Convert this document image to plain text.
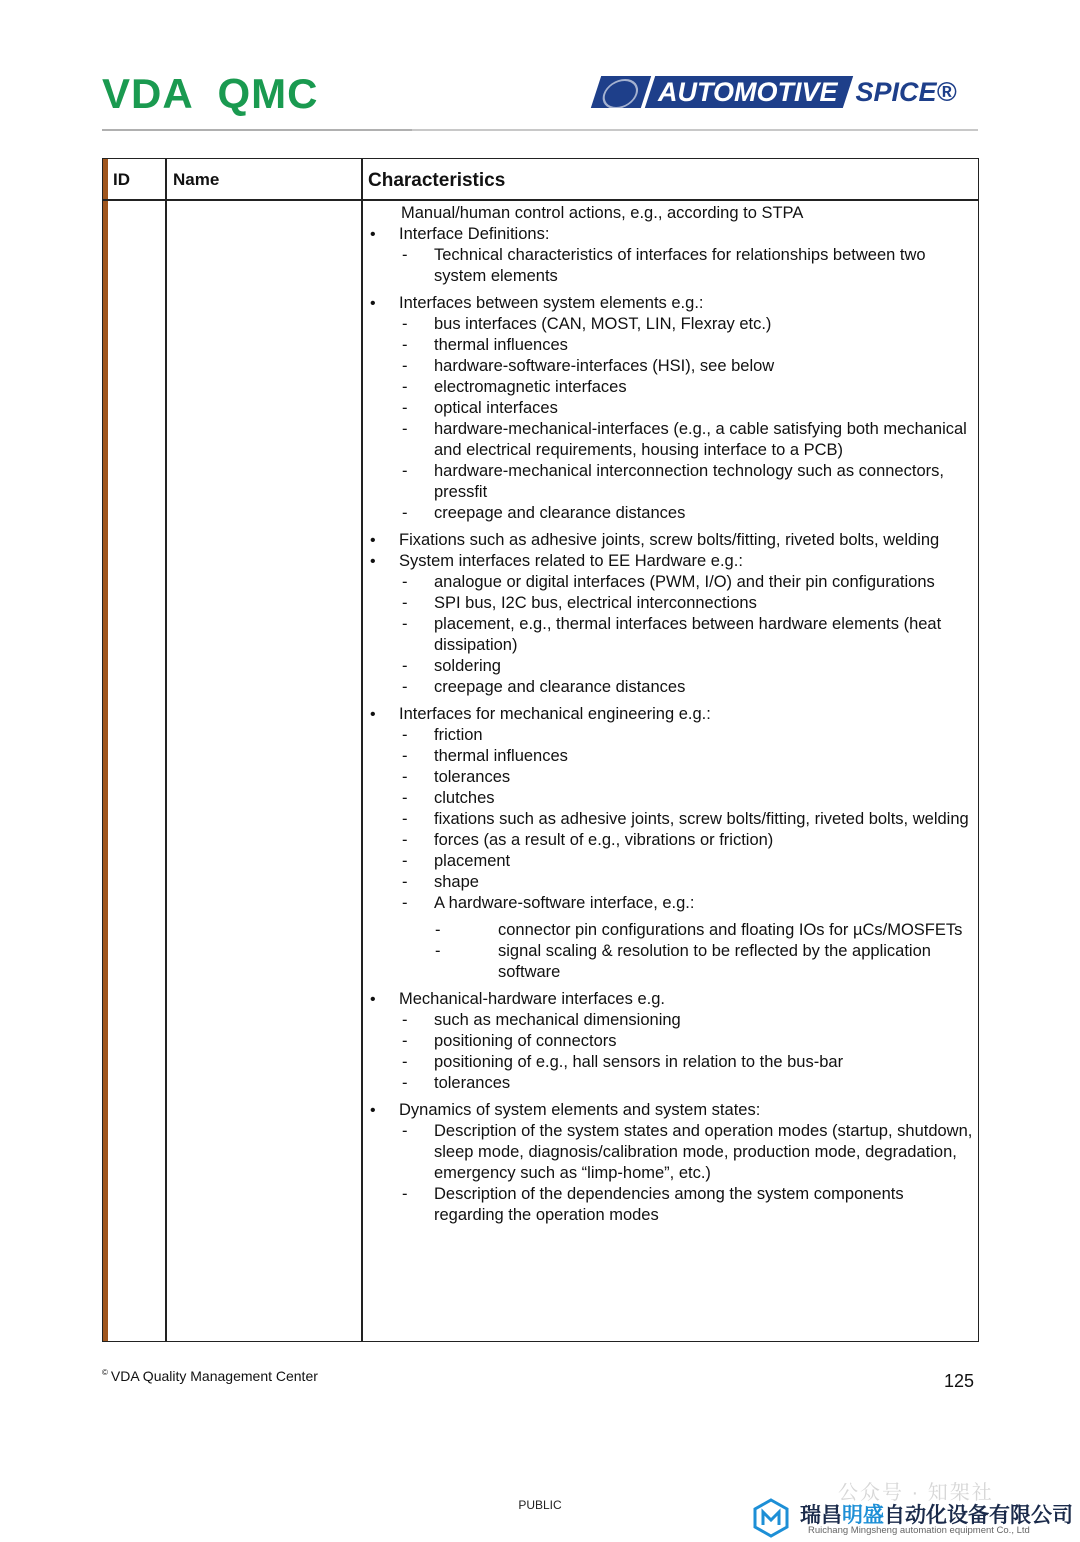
VDA  QMC	AUTOMOTIVE SPICE®
ID	Name	Characteristics
Manual/human control actions, e.g., according to STPA
• Interface Definitions:
- Technical characteristics of interfaces for relationships between two system elements
• Interfaces between system elements e.g.:
- bus interfaces (CAN, MOST, LIN, Flexray etc.)
- thermal influences
- hardware-software-interfaces (HSI), see below
- electromagnetic interfaces
- optical interfaces
- hardware-mechanical-interfaces (e.g., a cable satisfying both mechanical and electrical requirements, housing interface to a PCB)
- hardware-mechanical interconnection technology such as connectors, pressfit
- creepage and clearance distances
• Fixations such as adhesive joints, screw bolts/fitting, riveted bolts, welding
• System interfaces related to EE Hardware e.g.:
- analogue or digital interfaces (PWM, I/O) and their pin configurations
- SPI bus, I2C bus, electrical interconnections
- placement, e.g., thermal interfaces between hardware elements (heat dissipation)
- soldering
- creepage and clearance distances
• Interfaces for mechanical engineering e.g.:
- friction
- thermal influences
- tolerances
- clutches
- fixations such as adhesive joints, screw bolts/fitting, riveted bolts, welding
- forces (as a result of e.g., vibrations or friction)
- placement
- shape
- A hardware-software interface, e.g.:
- connector pin configurations and floating IOs for µCs/MOSFETs
- signal scaling & resolution to be reflected by the application software
• Mechanical-hardware interfaces e.g.
- such as mechanical dimensioning
- positioning of connectors
- positioning of e.g., hall sensors in relation to the bus-bar
- tolerances
• Dynamics of system elements and system states:
- Description of the system states and operation modes (startup, shutdown, sleep mode, diagnosis/calibration mode, production mode, degradation, emergency such as “limp-home”, etc.)
- Description of the dependencies among the system components regarding the operation modes
© VDA Quality Management Center	125
PUBLIC
公众号 · 知架社
瑞昌明盛自动化设备有限公司
Ruichang Mingsheng automation equipment Co., Ltd
